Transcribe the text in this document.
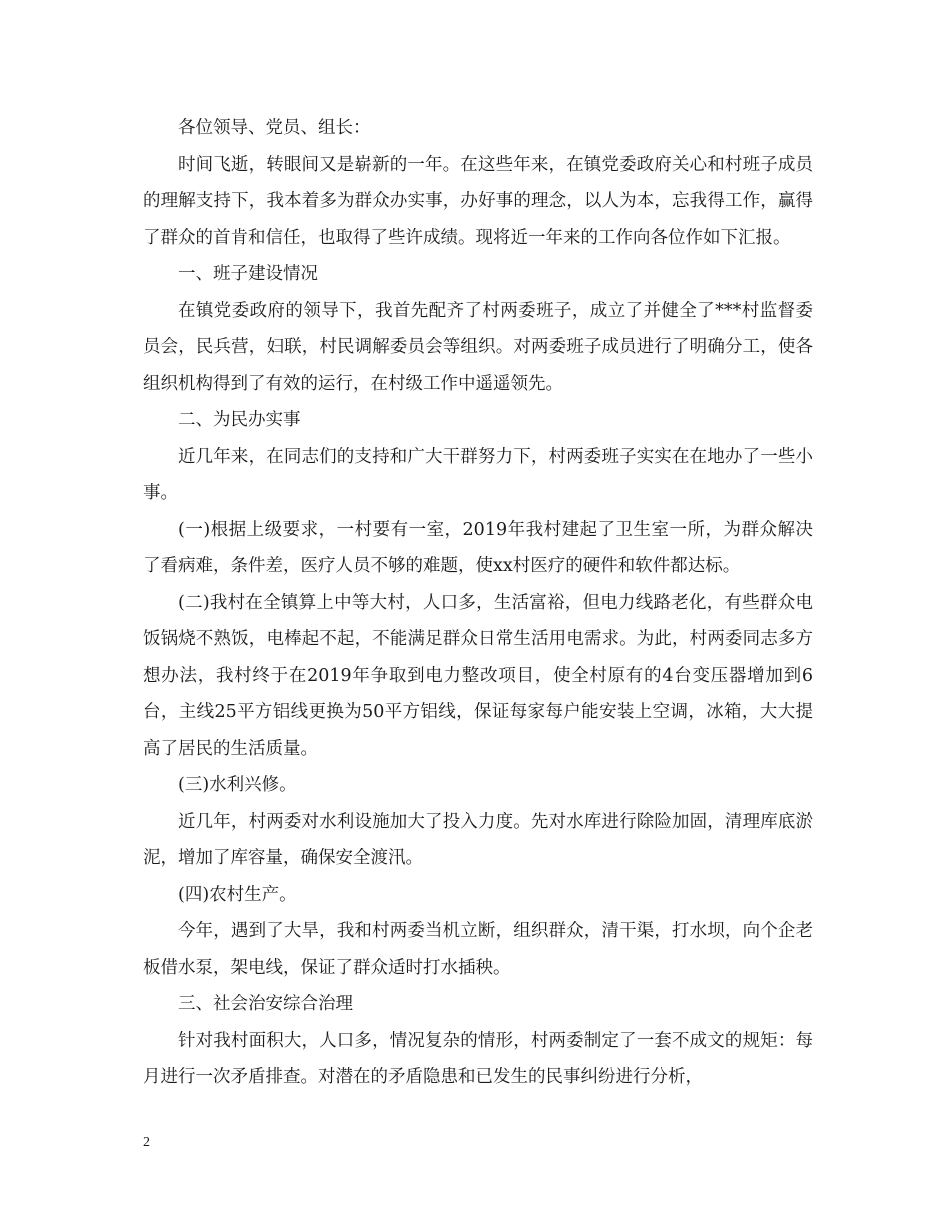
各位领导、党员、组长：

时间飞逝，转眼间又是崭新的一年。在这些年来，在镇党委政府关心和村班子成员的理解支持下，我本着多为群众办实事，办好事的理念，以人为本，忘我得工作，赢得了群众的首肯和信任，也取得了些许成绩。现将近一年来的工作向各位作如下汇报。

一、班子建设情况

在镇党委政府的领导下，我首先配齐了村两委班子，成立了并健全了***村监督委员会，民兵营，妇联，村民调解委员会等组织。对两委班子成员进行了明确分工，使各组织机构得到了有效的运行，在村级工作中遥遥领先。

二、为民办实事

近几年来，在同志们的支持和广大干群努力下，村两委班子实实在在地办了一些小事。

(一)根据上级要求，一村要有一室，2019年我村建起了卫生室一所，为群众解决了看病难，条件差，医疗人员不够的难题，使xx村医疗的硬件和软件都达标。

(二)我村在全镇算上中等大村，人口多，生活富裕，但电力线路老化，有些群众电饭锅烧不熟饭，电棒起不起，不能满足群众日常生活用电需求。为此，村两委同志多方想办法，我村终于在2019年争取到电力整改项目，使全村原有的4台变压器增加到6台，主线25平方铝线更换为50平方铝线，保证每家每户能安装上空调，冰箱，大大提高了居民的生活质量。

(三)水利兴修。

近几年，村两委对水利设施加大了投入力度。先对水库进行除险加固，清理库底淤泥，增加了库容量，确保安全渡汛。

(四)农村生产。

今年，遇到了大旱，我和村两委当机立断，组织群众，清干渠，打水坝，向个企老板借水泵，架电线，保证了群众适时打水插秧。

三、社会治安综合治理

针对我村面积大，人口多，情况复杂的情形，村两委制定了一套不成文的规矩：每月进行一次矛盾排查。对潜在的矛盾隐患和已发生的民事纠纷进行分析，

2
